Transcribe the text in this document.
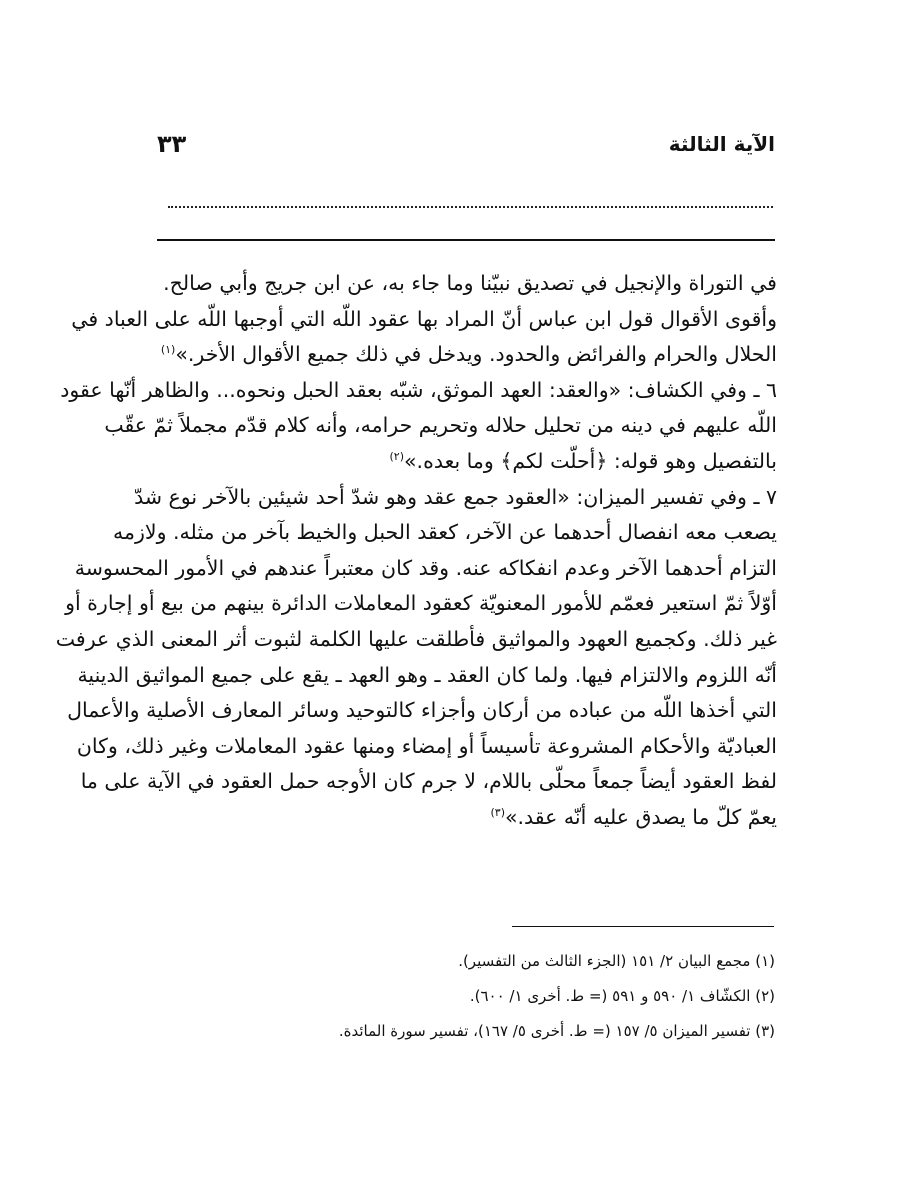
الآية الثالثة
٣٣

في التوراة والإنجيل في تصديق نبيّنا وما جاء به، عن ابن جريج وأبي صالح.

وأقوى الأقوال قول ابن عباس أنّ المراد بها عقود اللّه التي أوجبها اللّه على العباد في
الحلال والحرام والفرائض والحدود. ويدخل في ذلك جميع الأقوال الأخر.»$^{(١)}$

٦ ـ وفي الكشاف: «والعقد: العهد الموثق، شبّه بعقد الحبل ونحوه... والظاهر أنّها عقود
اللّه عليهم في دينه من تحليل حلاله وتحريم حرامه، وأنه كلام قدّم مجملاً ثمّ عقّب
بالتفصيل وهو قوله: ﴿أحلّت لكم﴾ وما بعده.»$^{(٢)}$

٧ ـ وفي تفسير الميزان: «العقود جمع عقد وهو شدّ أحد شيئين بالآخر نوع شدّ
يصعب معه انفصال أحدهما عن الآخر، كعقد الحبل والخيط بآخر من مثله. ولازمه
التزام أحدهما الآخر وعدم انفكاكه عنه. وقد كان معتبراً عندهم في الأمور المحسوسة
أوّلاً ثمّ استعير فعمّم للأمور المعنويّة كعقود المعاملات الدائرة بينهم من بيع أو إجارة أو
غير ذلك. وكجميع العهود والمواثيق فأطلقت عليها الكلمة لثبوت أثر المعنى الذي عرفت
أنّه اللزوم والالتزام فيها. ولما كان العقد ـ وهو العهد ـ يقع على جميع المواثيق الدينية
التي أخذها اللّه من عباده من أركان وأجزاء كالتوحيد وسائر المعارف الأصلية والأعمال
العباديّة والأحكام المشروعة تأسيساً أو إمضاء ومنها عقود المعاملات وغير ذلك، وكان
لفظ العقود أيضاً جمعاً محلّى باللام، لا جرم كان الأوجه حمل العقود في الآية على ما
يعمّ كلّ ما يصدق عليه أنّه عقد.»$^{(٣)}$

(١) مجمع البيان ٢/ ١٥١ (الجزء الثالث من التفسير).
(٢) الكشّاف ١/ ٥٩٠ و ٥٩١ (= ط. أخرى ١/ ٦٠٠).
(٣) تفسير الميزان ٥/ ١٥٧ (= ط. أخرى ٥/ ١٦٧)، تفسير سورة المائدة.
